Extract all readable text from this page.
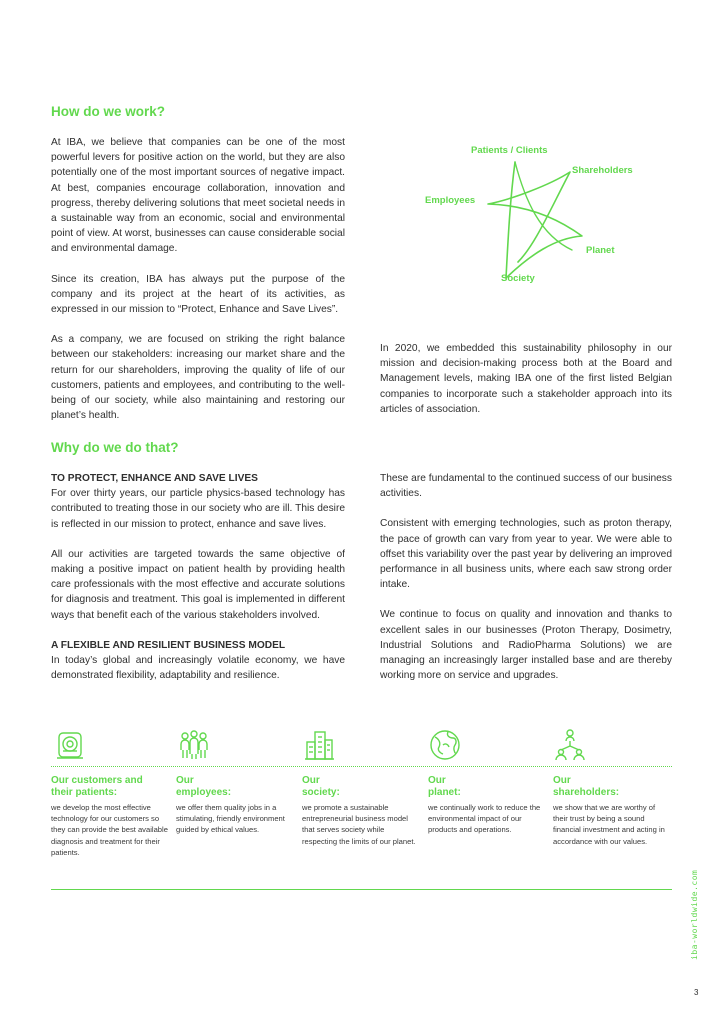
How do we work?

At IBA, we believe that companies can be one of the most powerful levers for positive action on the world, but they are also potentially one of the most important sources of negative impact. At best, companies encourage collaboration, innovation and progress, thereby delivering solutions that meet societal needs in a sustainable way from an economic, social and environmental point of view. At worst, businesses can cause considerable social and environmental damage.

Since its creation, IBA has always put the purpose of the company and its project at the heart of its activities, as expressed in our mission to “Protect, Enhance and Save Lives”.

As a company, we are focused on striking the right balance between our stakeholders: increasing our market share and the return for our shareholders, improving the quality of life of our customers, patients and employees, and contributing to the well-being of our society, while also maintaining and restoring our planet’s health.

Patients / Clients
Shareholders
Employees
Planet
Society

In 2020, we embedded this sustainability philosophy in our mission and decision-making process both at the Board and Management levels, making IBA one of the first listed Belgian companies to incorporate such a stakeholder approach into its articles of association.

Why do we do that?
TO PROTECT, ENHANCE AND SAVE LIVES

For over thirty years, our particle physics-based technology has contributed to treating those in our society who are ill. This desire is reflected in our mission to protect, enhance and save lives.

All our activities are targeted towards the same objective of making a positive impact on patient health by providing health care professionals with the most effective and accurate solutions for diagnosis and treatment. This goal is implemented in different ways that benefit each of the various stakeholders involved.

A FLEXIBLE AND RESILIENT BUSINESS MODEL

In today’s global and increasingly volatile economy, we have demonstrated flexibility, adaptability and resilience.

These are fundamental to the continued success of our business activities.

Consistent with emerging technologies, such as proton therapy, the pace of growth can vary from year to year. We were able to offset this variability over the past year by delivering an improved performance in all business units, where each saw strong order intake.

We continue to focus on quality and innovation and thanks to excellent sales in our businesses (Proton Therapy, Dosimetry, Industrial Solutions and RadioPharma Solutions) we are managing an increasingly larger installed base and are thereby working more on service and upgrades.

Our customers and
their patients:
we develop the most effective technology for our customers so they can provide the best available diagnosis and treatment for their patients.
Our
employees:
we offer them quality jobs in a stimulating, friendly environment guided by ethical values.
Our
society:
we promote a sustainable entrepreneurial business model that serves society while respecting the limits of our planet.
Our
planet:
we continually work to reduce the environmental impact of our products and operations.
Our
shareholders:
we show that we are worthy of their trust by being a sound financial investment and acting in accordance with our values.
iba-worldwide.com
3
